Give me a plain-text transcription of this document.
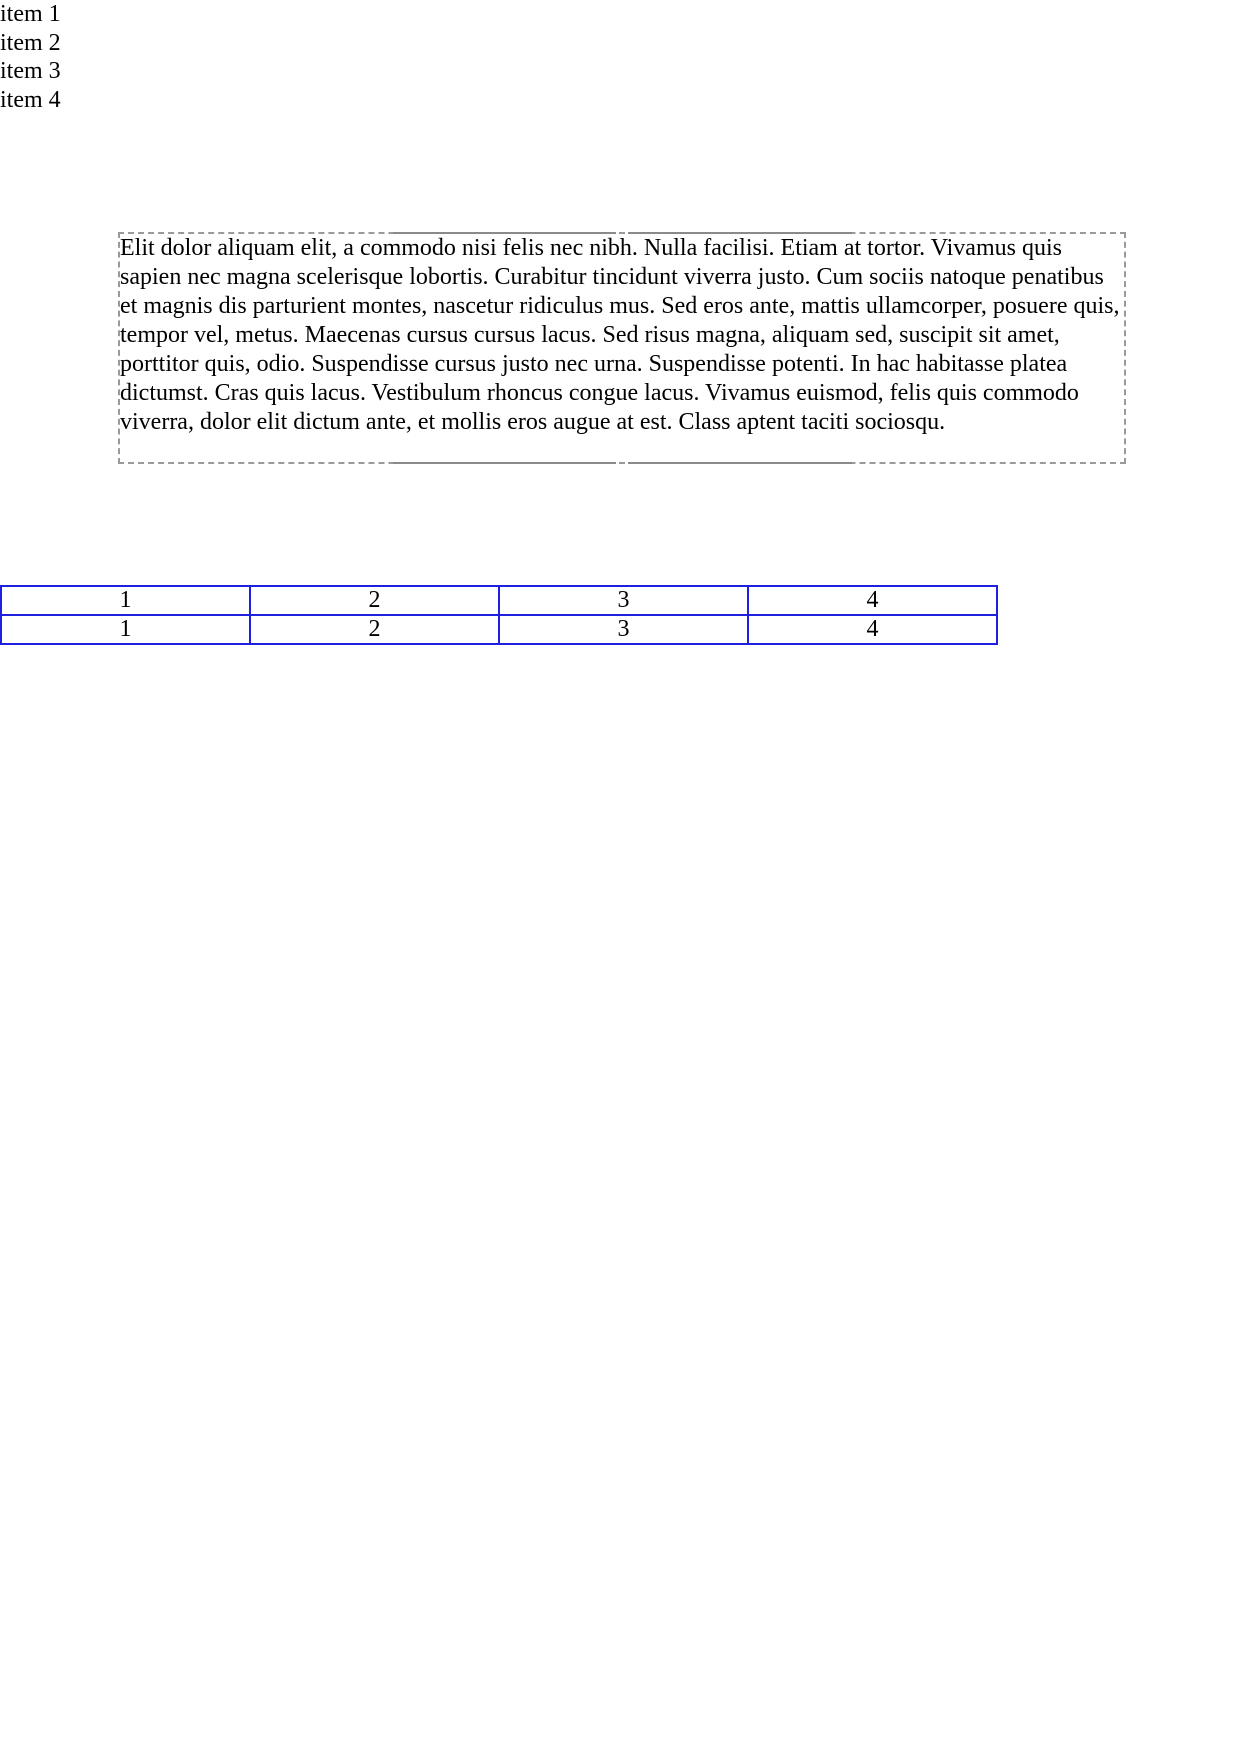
item 1
item 2
item 3
item 4

Elit dolor aliquam elit, a commodo nisi felis nec nibh. Nulla facilisi. Etiam at tortor. Vivamus quis sapien nec magna scelerisque lobortis. Curabitur tincidunt viverra justo. Cum sociis natoque penatibus et magnis dis parturient montes, nascetur ridiculus mus. Sed eros ante, mattis ullamcorper, posuere quis, tempor vel, metus. Maecenas cursus cursus lacus. Sed risus magna, aliquam sed, suscipit sit amet, porttitor quis, odio. Suspendisse cursus justo nec urna. Suspendisse potenti. In hac habitasse platea dictumst. Cras quis lacus. Vestibulum rhoncus congue lacus. Vivamus euismod, felis quis commodo viverra, dolor elit dictum ante, et mollis eros augue at est. Class aptent taciti sociosqu.

1	2	3	4
1	2	3	4
